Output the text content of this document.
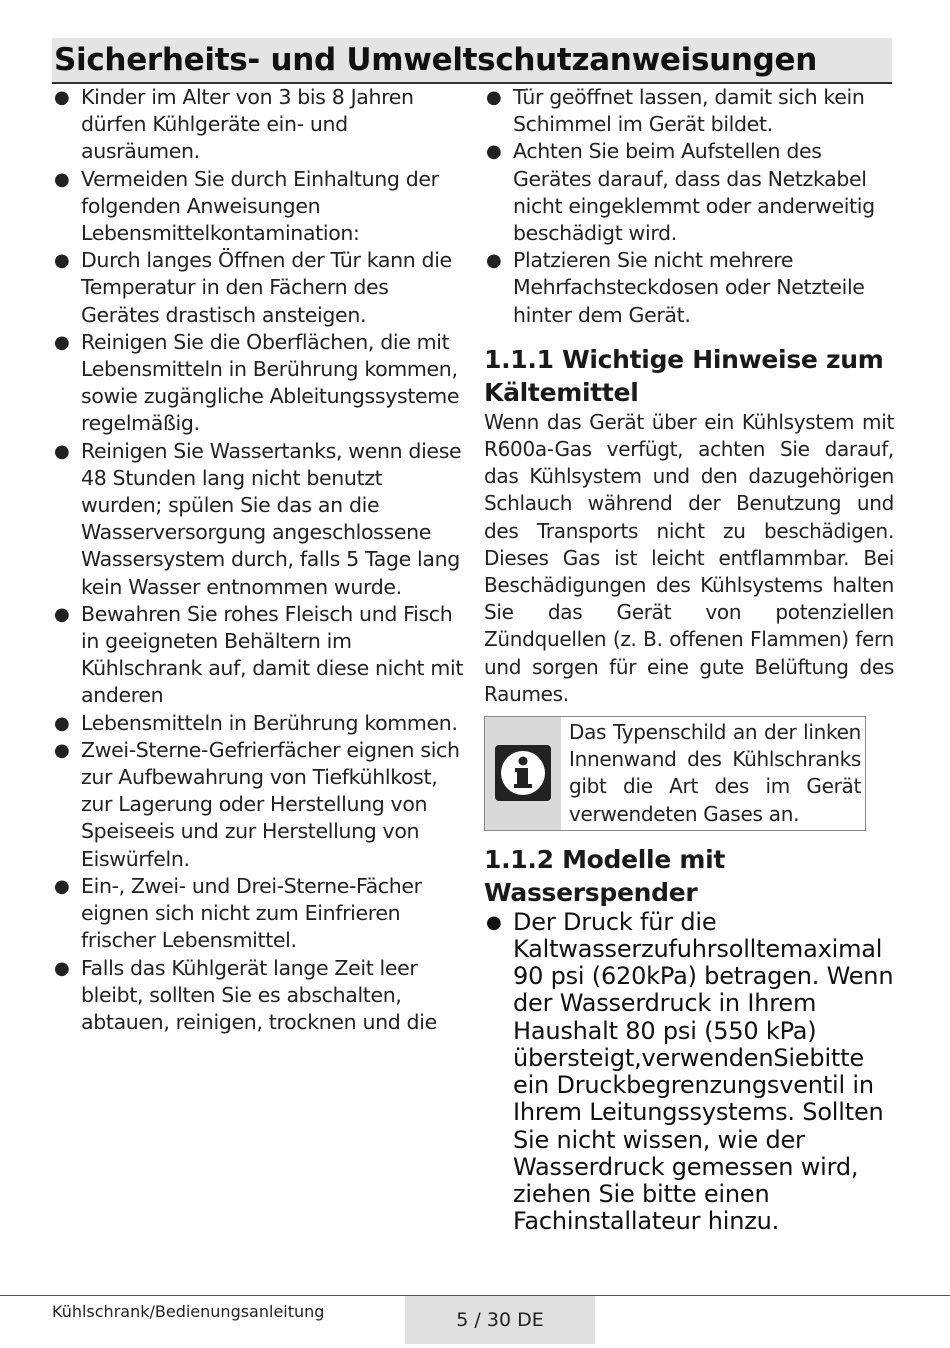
Sicherheits- und Umweltschutzanweisungen
● Kinder im Alter von 3 bis 8 Jahren dürfen Kühlgeräte ein- und ausräumen.
● Vermeiden Sie durch Einhaltung der folgenden Anweisungen Lebensmittelkontamination:
● Durch langes Öffnen der Tür kann die Temperatur in den Fächern des Gerätes drastisch ansteigen.
● Reinigen Sie die Oberflächen, die mit Lebensmitteln in Berührung kommen, sowie zugängliche Ableitungssysteme regelmäßig.
● Reinigen Sie Wassertanks, wenn diese 48 Stunden lang nicht benutzt wurden; spülen Sie das an die Wasserversorgung angeschlossene Wassersystem durch, falls 5 Tage lang kein Wasser entnommen wurde.
● Bewahren Sie rohes Fleisch und Fisch in geeigneten Behältern im Kühlschrank auf, damit diese nicht mit anderen
● Lebensmitteln in Berührung kommen.
● Zwei-Sterne-Gefrierfächer eignen sich zur Aufbewahrung von Tiefkühlkost, zur Lagerung oder Herstellung von Speiseeis und zur Herstellung von Eiswürfeln.
● Ein-, Zwei- und Drei-Sterne-Fächer eignen sich nicht zum Einfrieren frischer Lebensmittel.
● Falls das Kühlgerät lange Zeit leer bleibt, sollten Sie es abschalten, abtauen, reinigen, trocknen und die
● Tür geöffnet lassen, damit sich kein Schimmel im Gerät bildet.
● Achten Sie beim Aufstellen des Gerätes darauf, dass das Netzkabel nicht eingeklemmt oder anderweitig beschädigt wird.
● Platzieren Sie nicht mehrere Mehrfachsteckdosen oder Netzteile hinter dem Gerät.
1.1.1 Wichtige Hinweise zum Kältemittel

Wenn das Gerät über ein Kühlsystem mit R600a-Gas verfügt, achten Sie darauf, das Kühlsystem und den dazugehörigen Schlauch während der Benutzung und des Transports nicht zu beschädigen. Dieses Gas ist leicht entflammbar. Bei Beschädigungen des Kühlsystems halten Sie das Gerät von potenziellen Zündquellen (z. B. offenen Flammen) fern und sorgen für eine gute Belüftung des Raumes.

Das Typenschild an der linken Innenwand des Kühlschranks gibt die Art des im Gerät verwendeten Gases an.
1.1.2 Modelle mit Wasserspender
● Der Druck für die Kaltwasserzufuhrsolltemaximal 90 psi (620kPa) betragen. Wenn der Wasserdruck in Ihrem Haushalt 80 psi (550 kPa) übersteigt,verwendenSiebitte ein Druckbegrenzungsventil in Ihrem Leitungssystems. Sollten Sie nicht wissen, wie der Wasserdruck gemessen wird, ziehen Sie bitte einen Fachinstallateur hinzu.
Kühlschrank/Bedienungsanleitung	5 / 30 DE
